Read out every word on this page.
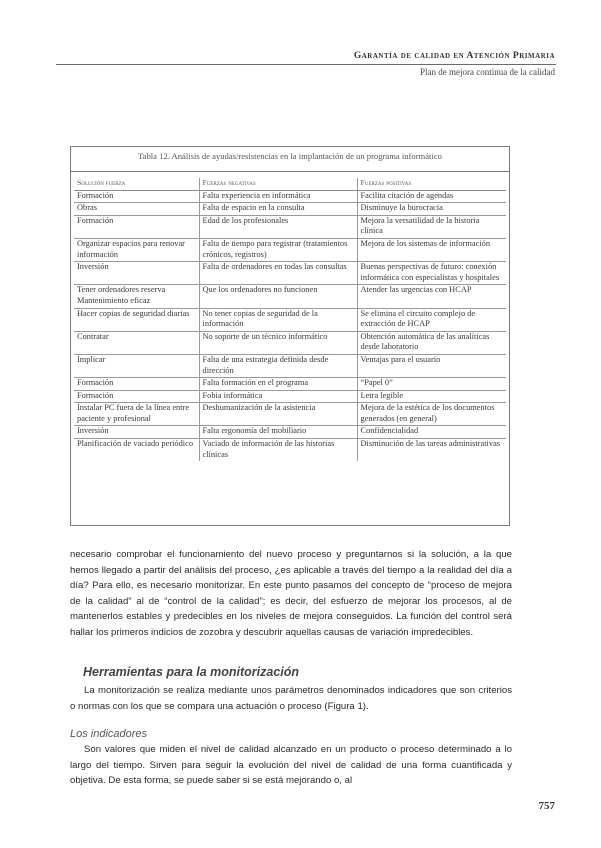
Garantía de calidad en Atención Primaria
Plan de mejora continua de la calidad
Tabla 12. Análisis de ayudas/resistencias en la implantación de un programa informático
Solución fuerza	Fuerzas negativas	Fuerzas positivas
Formación	Falta experiencia en informática	Facilita citación de agendas
Obras	Falta de espacio en la consulta	Disminuye la burocracia
Formación	Edad de los profesionales	Mejora la versatilidad de la historia clínica
Organizar espacios para renovar información	Falta de tiempo para registrar (tratamientos crónicos, registros)	Mejora de los sistemas de información
Inversión	Falta de ordenadores en todas las consultas	Buenas perspectivas de futuro: conexión informática con especialistas y hospitales
Tener ordenadores reserva Mantenimiento eficaz	Que los ordenadores no funcionen	Atender las urgencias con HCAP
Hacer copias de seguridad diarias	No tener copias de seguridad de la información	Se elimina el circuito complejo de extracción de HCAP
Contratar	No soporte de un técnico informático	Obtención automática de las analíticas desde laboratorio
Implicar	Falta de una estrategia definida desde dirección	Ventajas para el usuario
Formación	Falta formación en el programa	“Papel 0”
Formación	Fobia informática	Letra legible
Instalar PC fuera de la línea entre paciente y profesional	Deshumanización de la asistencia	Mejora de la estética de los documentos generados (en general)
Inversión	Falta ergonomía del mobiliario	Confidencialidad
Planificación de vaciado periódico	Vaciado de información de las historias clínicas	Disminución de las tareas administrativas

necesario comprobar el funcionamiento del nuevo proceso y preguntarnos si la solución, a la que hemos llegado a partir del análisis del proceso, ¿es aplicable a través del tiempo a la realidad del día a día? Para ello, es necesario monitorizar. En este punto pasamos del concepto de “proceso de mejora de la calidad” al de “control de la calidad”; es decir, del esfuerzo de mejorar los procesos, al de mantenerlos estables y predecibles en los niveles de mejora conseguidos. La función del control será hallar los primeros indicios de zozobra y descubrir aquellas causas de variación impredecibles.

Herramientas para la monitorización

La monitorización se realiza mediante unos parámetros denominados indicadores que son criterios o normas con los que se compara una actuación o proceso (Figura 1).

Los indicadores

Son valores que miden el nivel de calidad alcanzado en un producto o proceso determinado a lo largo del tiempo. Sirven para seguir la evolución del nivel de calidad de una forma cuantificada y objetiva. De esta forma, se puede saber si se está mejorando o, al

757
